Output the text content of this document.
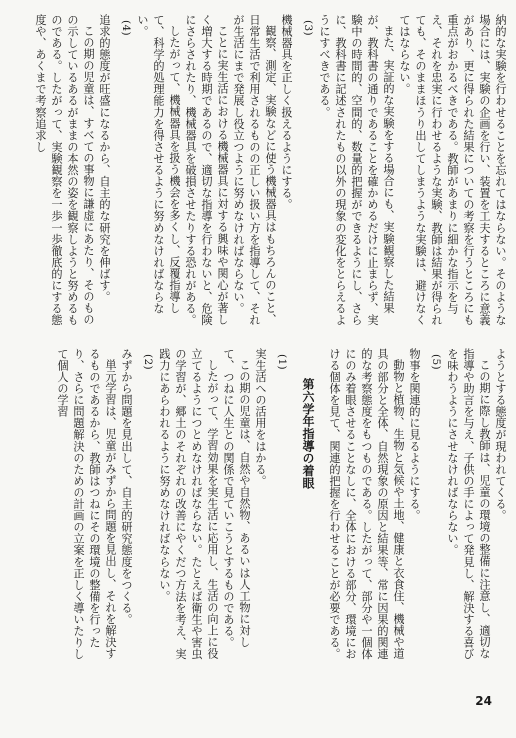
納的な実験を行わせることを忘れてはならない。そのような場合には、実験の企画を行い、装置を工夫するところに意義があり、更に得られた結果についての考察を行うところにも重点がおかるべきである。教師があまりに細かな指示を与え、それを忠実に行わせるような実験、教師は結果が得られても、そのままほうり出してしまうような実験は、避けなくてはならない。

また、実証的な実験をする場合にも、実験観察した結果が、教科書の通りであることを確かめるだけに止まらず、実験中の時間的、空間的、数量的把握ができるようにし、さらに、教科書に記述されたもの以外の現象の変化をとらえるようにすべきである。

(3)

機械器具を正しく扱えるようにする。

観察、測定、実験などに使う機械器具はもちろんのこと、日常生活で利用されるものの正しい扱い方を指導して、それが生活にまで発展し役立つように努めなければならない。

ことに実生活における機械器具に対する興味や関心が著しく増大する時期であるので、適切な指導を行わないと、危険にさらされたり、機械器具を破損させたりする恐れがある。

したがって、機械器具を扱う機会を多くし、反覆指導して、科学的処理能力を得させるように努めなければならない。

(4)

追求的態度が旺盛になるから、自主的な研究を伸ばす。

この期の児童は、すべての事物に謙虚にあたり、そのものの示しているあるがままの本然の姿を観察しようと努めるものである。したがって、実験観察を一歩一歩徹底的にする態度や、あくまで考察追求し

ようとする態度が現われてくる。

この期に際し教師は、児童の環境の整備に注意し、適切な指導や助言を与え、子供の手によって発見し、解決する喜びを味わうようにさせなければならない。

(5)

物事を関連的に見るようにする。

動物と植物、生物と気候や土地、健康と衣食住、機械や道具の部分と全体、自然現象の原因と結果等、常に因果的関連的な考察態度をもつものである。したがって、部分や一個体にのみ着眼させることなしに、全体における部分、環境における個体を見て、関連的把握を行わせることが必要である。

第六学年指導の着眼
(1)

実生活への活用をはかる。

この期の児童は、自然や自然物、あるいは人工物に対して、つねに人生との関係で見ていこうとするものである。

したがって、学習効果を実生活に応用し、生活の向上に役立てるようにつとめなければならない。たとえば衛生や害虫の学習が、郷土のそれぞれの改善にやくだつ方法を考え、実践力にあらわれるように努めなければならない。

(2)

みずから問題を見出して、自主的研究態度をつくる。

単元学習は、児童がみずから問題を見出し、それを解決するものであるから、教師はつねにその環境の整備を行ったり、さらに問題解決のための計画の立案を正しく導いたりして個人の学習

24
